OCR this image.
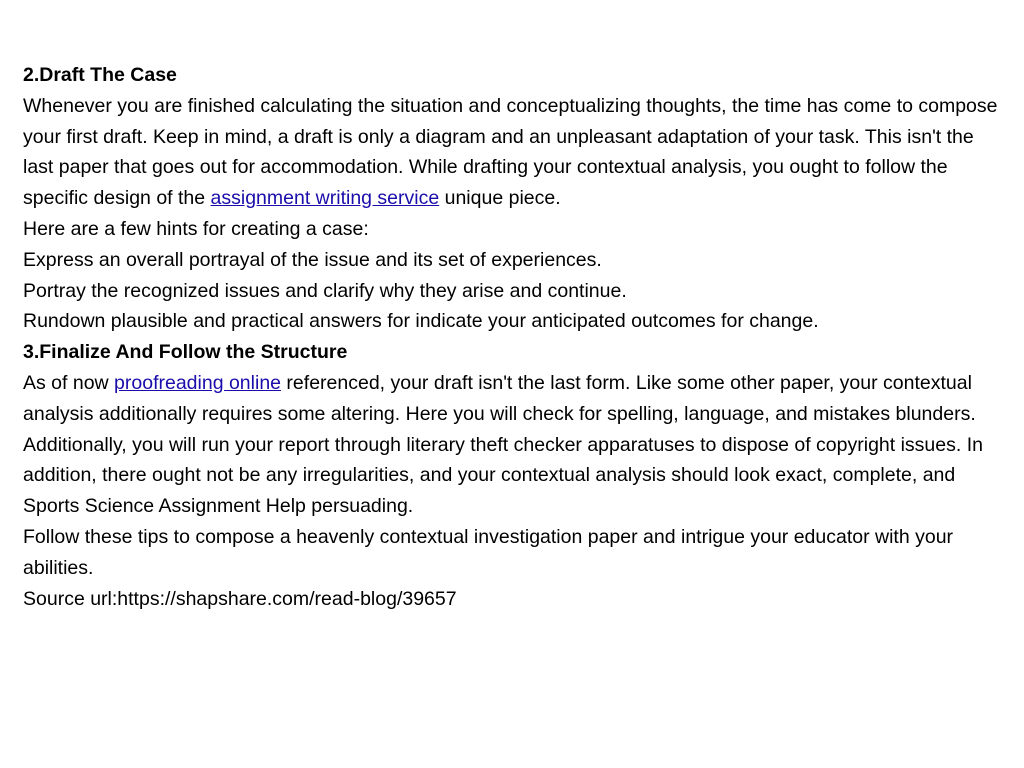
2.Draft The Case

Whenever you are finished calculating the situation and conceptualizing thoughts, the time has come to compose your first draft. Keep in mind, a draft is only a diagram and an unpleasant adaptation of your task. This isn't the last paper that goes out for accommodation. While drafting your contextual analysis, you ought to follow the specific design of the assignment writing service unique piece.

Here are a few hints for creating a case:

Express an overall portrayal of the issue and its set of experiences.

Portray the recognized issues and clarify why they arise and continue.

Rundown plausible and practical answers for indicate your anticipated outcomes for change.

3.Finalize And Follow the Structure

As of now proofreading online referenced, your draft isn't the last form. Like some other paper, your contextual analysis additionally requires some altering. Here you will check for spelling, language, and mistakes blunders.

Additionally, you will run your report through literary theft checker apparatuses to dispose of copyright issues. In addition, there ought not be any irregularities, and your contextual analysis should look exact, complete, and Sports Science Assignment Help persuading.

Follow these tips to compose a heavenly contextual investigation paper and intrigue your educator with your abilities.

Source url:https://shapshare.com/read-blog/39657
